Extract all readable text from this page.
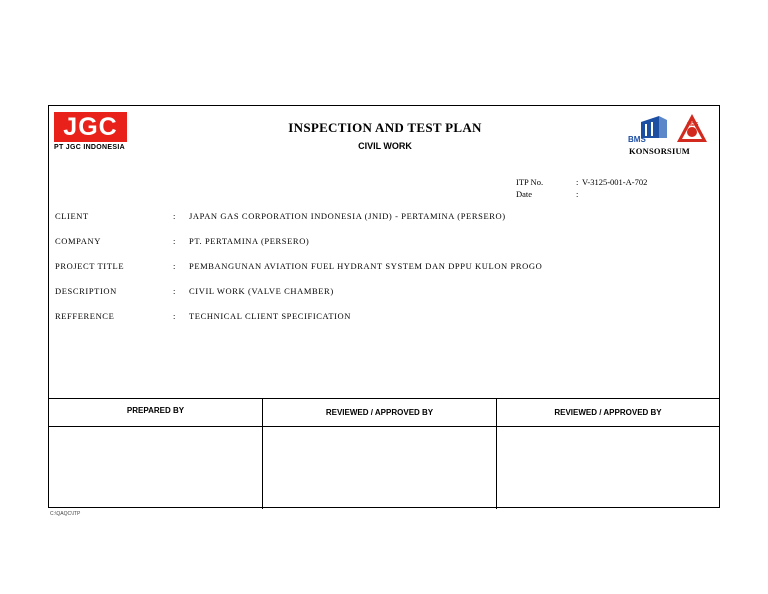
JGC
PT JGC INDONESIA
INSPECTION AND TEST PLAN
CIVIL WORK
BMS
MEG
KONSORSIUM
ITP No.	: V-3125-001-A-702
Date	:
CLIENT	:	JAPAN GAS CORPORATION INDONESIA (JNID) - PERTAMINA (PERSERO)
COMPANY	:	PT. PERTAMINA (PERSERO)
PROJECT TITLE	:	PEMBANGUNAN AVIATION FUEL HYDRANT SYSTEM DAN DPPU KULON PROGO
DESCRIPTION	:	CIVIL WORK (VALVE CHAMBER)
REFFERENCE	:	TECHNICAL CLIENT SPECIFICATION
PREPARED BY	REVIEWED / APPROVED BY	REVIEWED / APPROVED BY
C:\QAQC\ITP
